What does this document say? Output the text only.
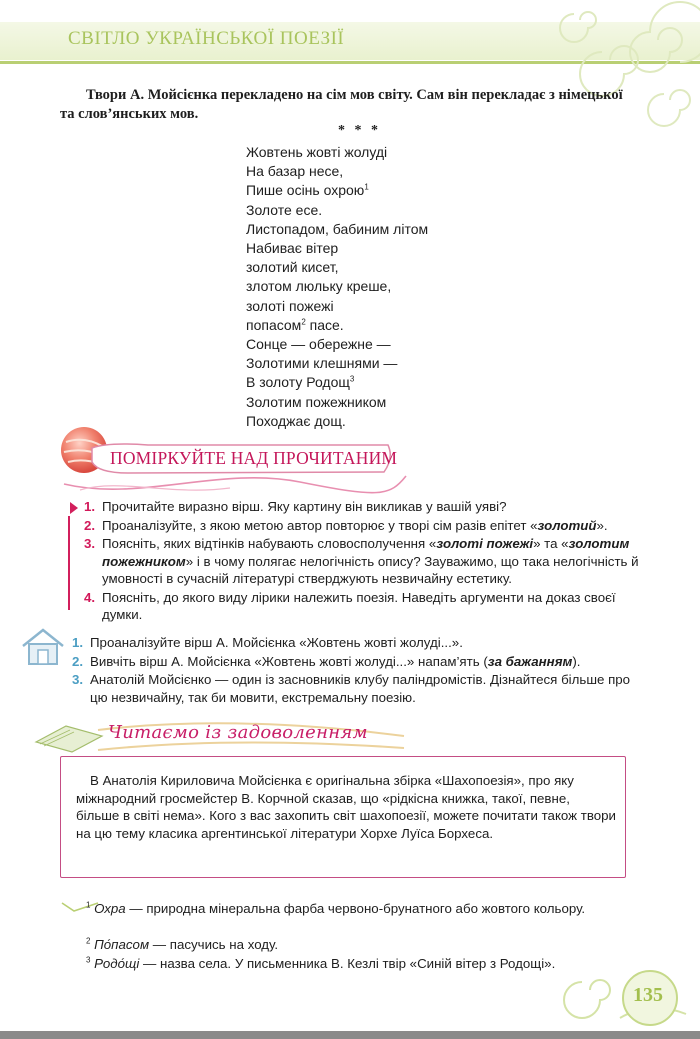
СВІТЛО УКРАЇНСЬКОЇ ПОЕЗІЇ
Твори А. Мойсієнка перекладено на сім мов світу. Сам він перекладає з німецької та слов’янських мов.
* * *
Жовтень жовті жолуді
На базар несе,
Пише осінь охрою$^1$
Золоте есе.
Листопадом, бабиним літом
Набиває вітер
золотий кисет,
злотом люльку креше,
золоті пожежі
попасом$^2$ пасе.
Сонце — обережне —
Золотими клешнями —
В золоту Родощ$^3$
Золотим пожежником
Походжає дощ.
ПОМІРКУЙТЕ НАД ПРОЧИТАНИМ
1. Прочитайте виразно вірш. Яку картину він викликав у вашій уяві?
2. Проаналізуйте, з якою метою автор повторює у творі сім разів епітет «золотий».
3. Поясніть, яких відтінків набувають словосполучення «золоті пожежі» та «золотим пожежником» і в чому полягає нелогічність опису? Зауважимо, що така нелогічність й умовності в сучасній літературі стверджують незвичайну естетику.
4. Поясніть, до якого виду лірики належить поезія. Наведіть аргументи на доказ своєї думки.
1. Проаналізуйте вірш А. Мойсієнка «Жовтень жовті жолуді...».
2. Вивчіть вірш А. Мойсієнка «Жовтень жовті жолуді...» напам’ять (за бажанням).
3. Анатолій Мойсієнко — один із засновників клубу паліндромістів. Дізнайтеся більше про цю незвичайну, так би мовити, екстремальну поезію.
Читаємо із задоволенням
В Анатолія Кириловича Мойсієнка є оригінальна збірка «Шахопоезія», про яку міжнародний гросмейстер В. Корчной сказав, що «рідкісна книжка, такої, певне, більше в світі нема». Кого з вас захопить світ шахопоезії, можете почитати також твори на цю тему класика аргентинської літератури Хорхе Луїса Борхеса.
$^1$ Охра — природна мінеральна фарба червоно-брунатного або жовтого кольору.
$^2$ По́пасом — пасучись на ходу.
$^3$ Родо́щі — назва села. У письменника В. Кезлі твір «Синій вітер з Родощі».
135
